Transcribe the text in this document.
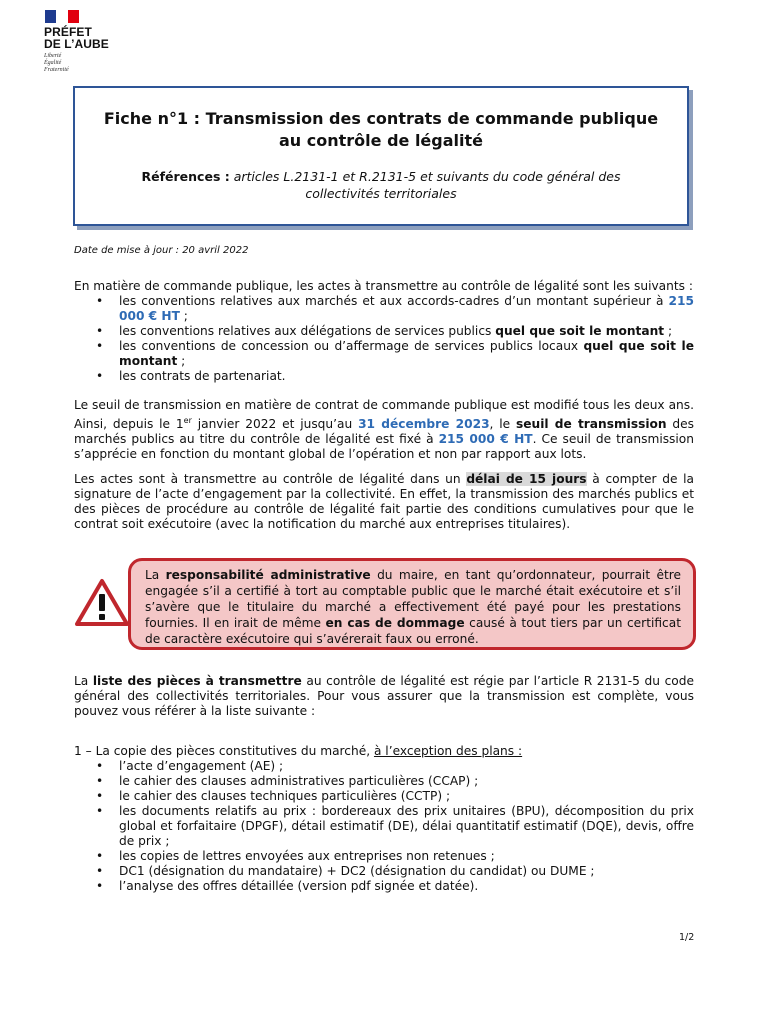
PRÉFET
DE L’AUBE
Liberté
Égalité
Fraternité
Fiche n°1 : Transmission des contrats de commande publique au contrôle de légalité
Références : articles L.2131-1 et R.2131-5 et suivants du code général des collectivités territoriales
Date de mise à jour : 20 avril 2022
En matière de commande publique, les actes à transmettre au contrôle de légalité sont les suivants :
• les conventions relatives aux marchés et aux accords-cadres d’un montant supérieur à 215 000 € HT ;
• les conventions relatives aux délégations de services publics quel que soit le montant ;
• les conventions de concession ou d’affermage de services publics locaux quel que soit le montant ;
• les contrats de partenariat.
Le seuil de transmission en matière de contrat de commande publique est modifié tous les deux ans. Ainsi, depuis le 1er janvier 2022 et jusqu’au 31 décembre 2023, le seuil de transmission des marchés publics au titre du contrôle de légalité est fixé à 215 000 € HT. Ce seuil de transmission s’apprécie en fonction du montant global de l’opération et non par rapport aux lots.
Les actes sont à transmettre au contrôle de légalité dans un délai de 15 jours à compter de la signature de l’acte d’engagement par la collectivité. En effet, la transmission des marchés publics et des pièces de procédure au contrôle de légalité fait partie des conditions cumulatives pour que le contrat soit exécutoire (avec la notification du marché aux entreprises titulaires).
La responsabilité administrative du maire, en tant qu’ordonnateur, pourrait être engagée s’il a certifié à tort au comptable public que le marché était exécutoire et s’il s’avère que le titulaire du marché a effectivement été payé pour les prestations fournies. Il en irait de même en cas de dommage causé à tout tiers par un certificat de caractère exécutoire qui s’avérerait faux ou erroné.
La liste des pièces à transmettre au contrôle de légalité est régie par l’article R 2131-5 du code général des collectivités territoriales. Pour vous assurer que la transmission est complète, vous pouvez vous référer à la liste suivante :
1 – La copie des pièces constitutives du marché, à l’exception des plans :
• l’acte d’engagement (AE) ;
• le cahier des clauses administratives particulières (CCAP) ;
• le cahier des clauses techniques particulières (CCTP) ;
• les documents relatifs au prix : bordereaux des prix unitaires (BPU), décomposition du prix global et forfaitaire (DPGF), détail estimatif (DE), délai quantitatif estimatif (DQE), devis, offre de prix ;
• les copies de lettres envoyées aux entreprises non retenues ;
• DC1 (désignation du mandataire) + DC2 (désignation du candidat) ou DUME ;
• l’analyse des offres détaillée (version pdf signée et datée).
1/2
